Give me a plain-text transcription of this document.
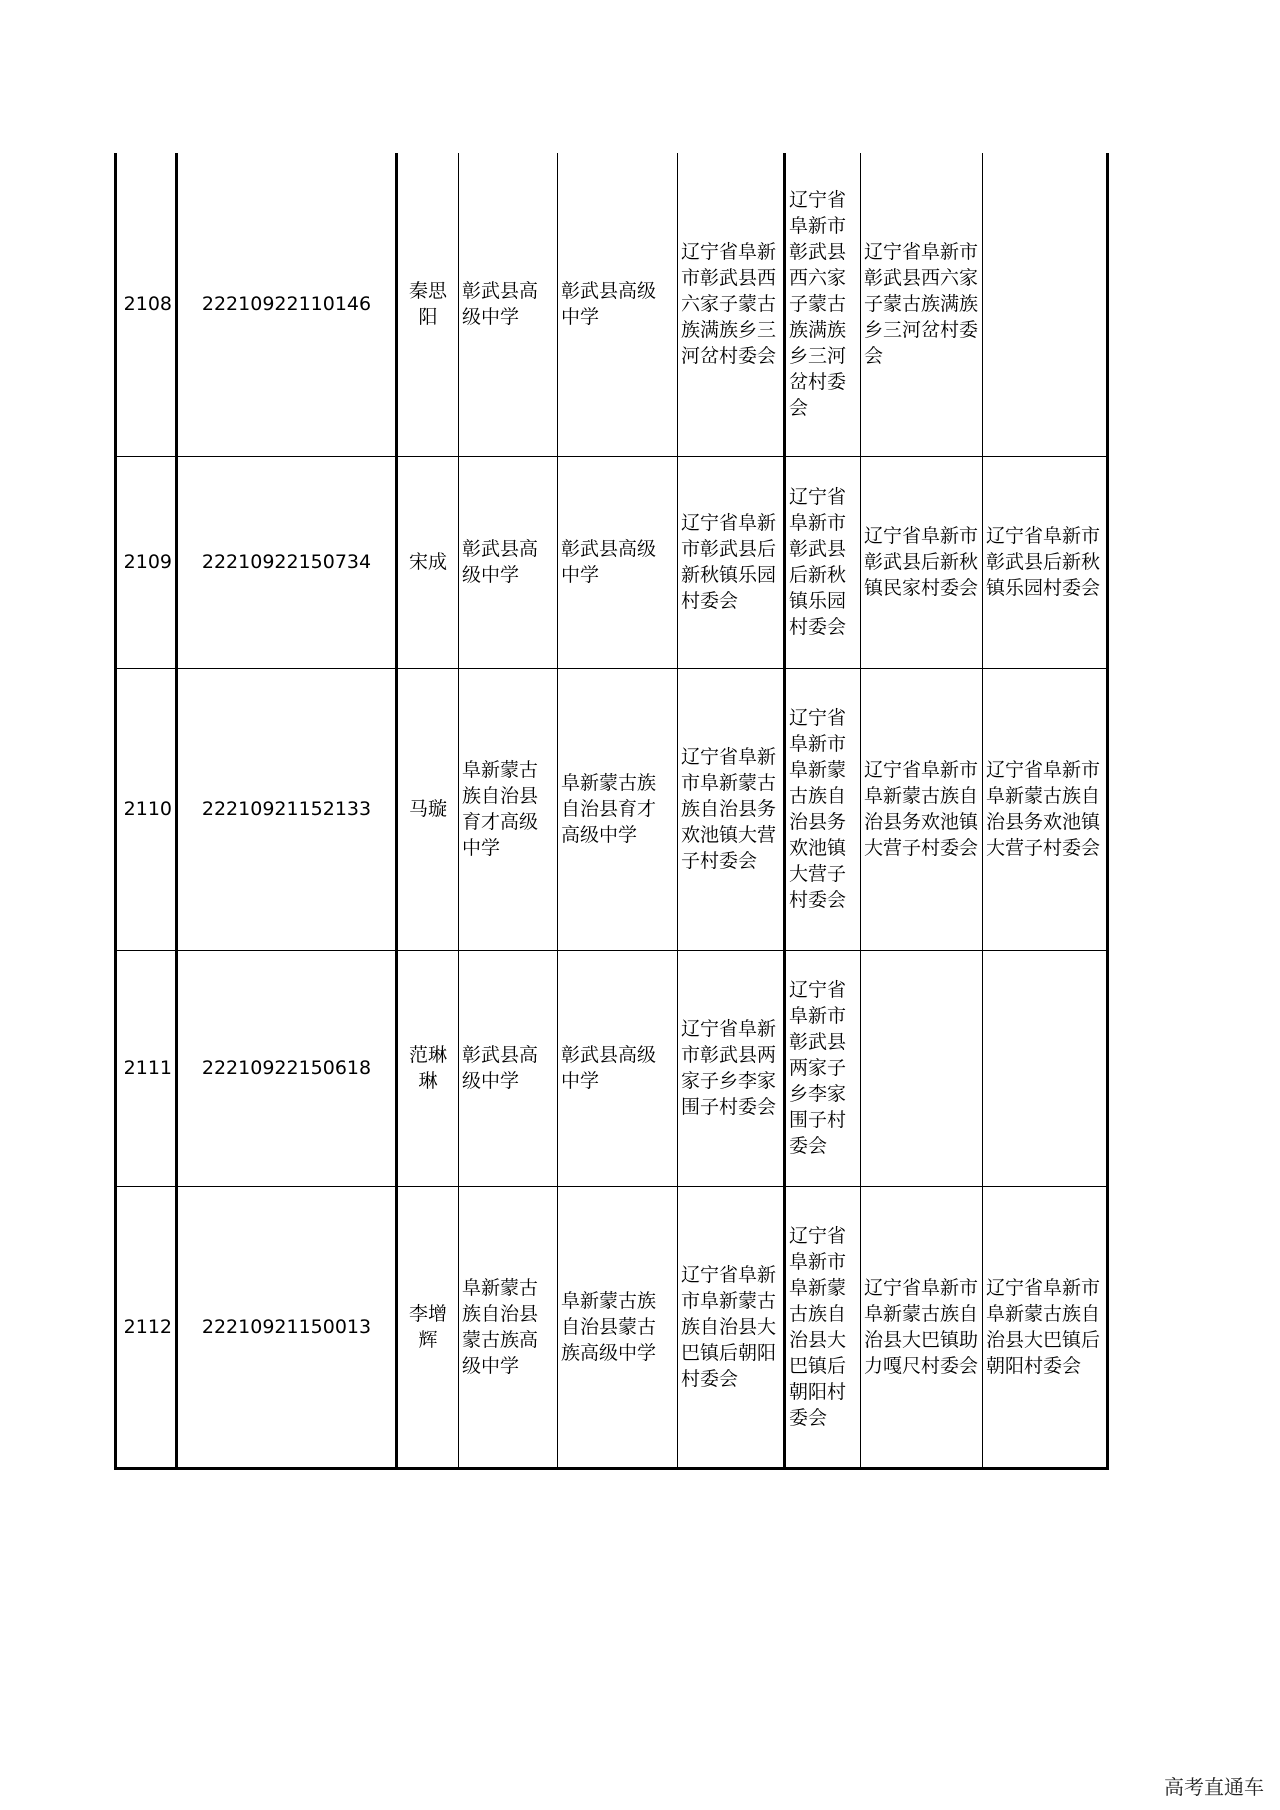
2108	22210922110146	秦思阳	彰武县高级中学	彰武县高级中学	辽宁省阜新市彰武县西六家子蒙古族满族乡三河岔村委会	辽宁省阜新市彰武县西六家子蒙古族满族乡三河岔村委会	辽宁省阜新市彰武县西六家子蒙古族满族乡三河岔村委会	
2109	22210922150734	宋成	彰武县高级中学	彰武县高级中学	辽宁省阜新市彰武县后新秋镇乐园村委会	辽宁省阜新市彰武县后新秋镇乐园村委会	辽宁省阜新市彰武县后新秋镇民家村委会	辽宁省阜新市彰武县后新秋镇乐园村委会
2110	22210921152133	马璇	阜新蒙古族自治县育才高级中学	阜新蒙古族自治县育才高级中学	辽宁省阜新市阜新蒙古族自治县务欢池镇大营子村委会	辽宁省阜新市阜新蒙古族自治县务欢池镇大营子村委会	辽宁省阜新市阜新蒙古族自治县务欢池镇大营子村委会	辽宁省阜新市阜新蒙古族自治县务欢池镇大营子村委会
2111	22210922150618	范琳琳	彰武县高级中学	彰武县高级中学	辽宁省阜新市彰武县两家子乡李家围子村委会	辽宁省阜新市彰武县两家子乡李家围子村委会		
2112	22210921150013	李增辉	阜新蒙古族自治县蒙古族高级中学	阜新蒙古族自治县蒙古族高级中学	辽宁省阜新市阜新蒙古族自治县大巴镇后朝阳村委会	辽宁省阜新市阜新蒙古族自治县大巴镇后朝阳村委会	辽宁省阜新市阜新蒙古族自治县大巴镇助力嘎尺村委会	辽宁省阜新市阜新蒙古族自治县大巴镇后朝阳村委会
高考直通车
